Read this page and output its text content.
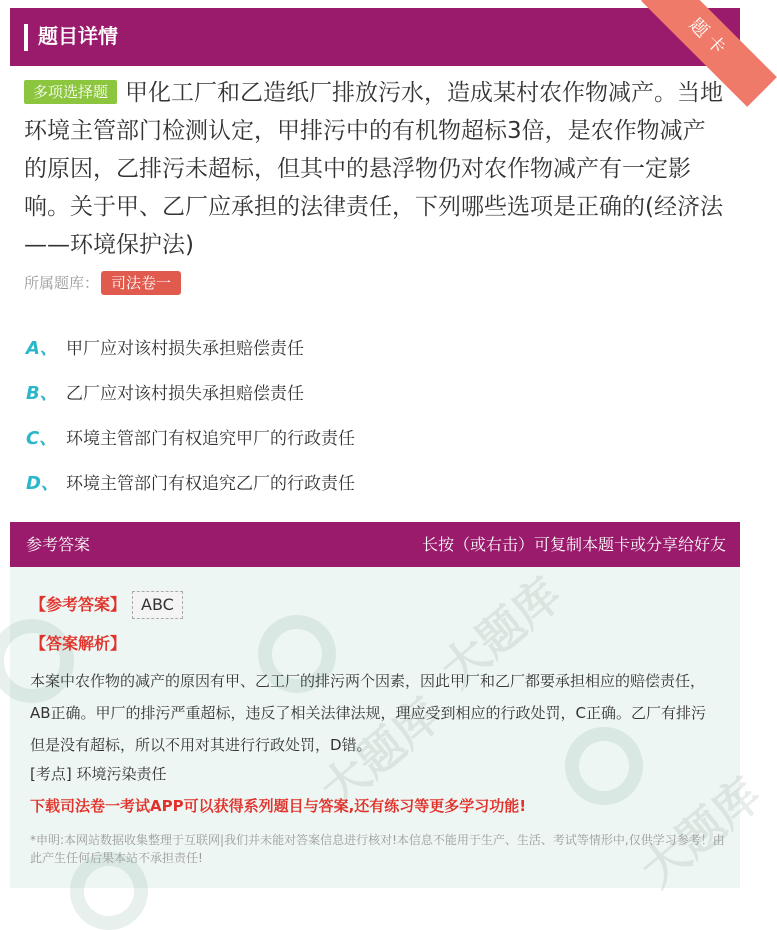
题目详情	题卡
多项选择题 甲化工厂和乙造纸厂排放污水，造成某村农作物减产。当地环境主管部门检测认定，甲排污中的有机物超标3倍，是农作物减产的原因，乙排污未超标，但其中的悬浮物仍对农作物减产有一定影响。关于甲、乙厂应承担的法律责任，下列哪些选项是正确的(经济法——环境保护法)
所属题库： 司法卷一
A、 甲厂应对该村损失承担赔偿责任
B、 乙厂应对该村损失承担赔偿责任
C、 环境主管部门有权追究甲厂的行政责任
D、 环境主管部门有权追究乙厂的行政责任
参考答案	长按（或右击）可复制本题卡或分享给好友
大题库
大题库
大题库
【参考答案】 ABC
【答案解析】
本案中农作物的减产的原因有甲、乙工厂的排污两个因素，因此甲厂和乙厂都要承担相应的赔偿责任，AB正确。甲厂的排污严重超标，违反了相关法律法规，理应受到相应的行政处罚，C正确。乙厂有排污但是没有超标，所以不用对其进行行政处罚，D错。
[考点] 环境污染责任
下载司法卷一考试APP可以获得系列题目与答案,还有练习等更多学习功能!
*申明:本网站数据收集整理于互联网|我们并未能对答案信息进行核对!本信息不能用于生产、生活、考试等情形中,仅供学习参考！由此产生任何后果本站不承担责任!
